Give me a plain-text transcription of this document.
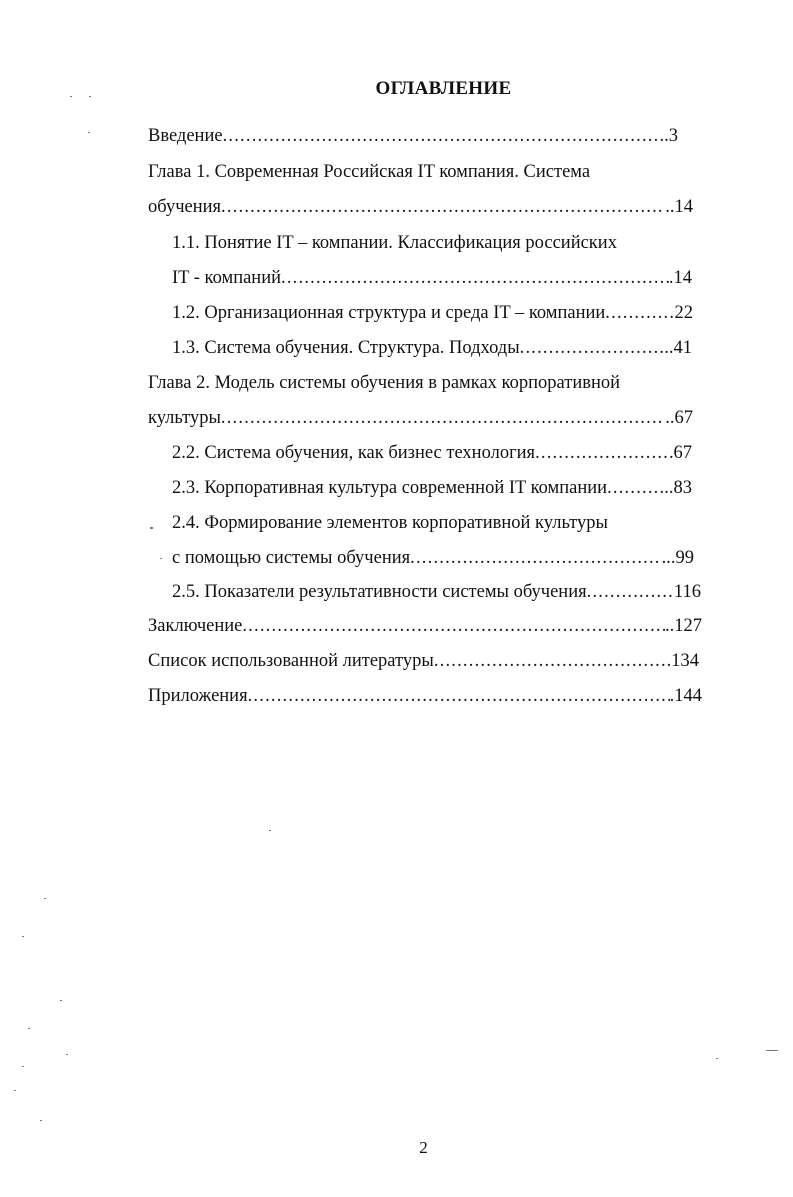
ОГЛАВЛЕНИЕ
Введение .....	.3
Глава 1. Современная Российская IT компания. Система
обучения .....	..14
1.1. Понятие IT – компании. Классификация российских
IT - компаний .....	.14
1.2. Организационная структура и среда IT – компании .....	22
1.3. Система обучения. Структура. Подходы .....	..41
Глава 2. Модель системы обучения в рамках корпоративной
культуры .....	..67
2.2. Система обучения, как бизнес технология .....	67
2.3. Корпоративная культура современной IT компании .....	..83
2.4. Формирование элементов корпоративной культуры
с помощью системы обучения .....	...99
2.5. Показатели результативности системы обучения .....	116
Заключение .....	..127
Список использованной литературы .....	.134
Приложения .....	.144
2
